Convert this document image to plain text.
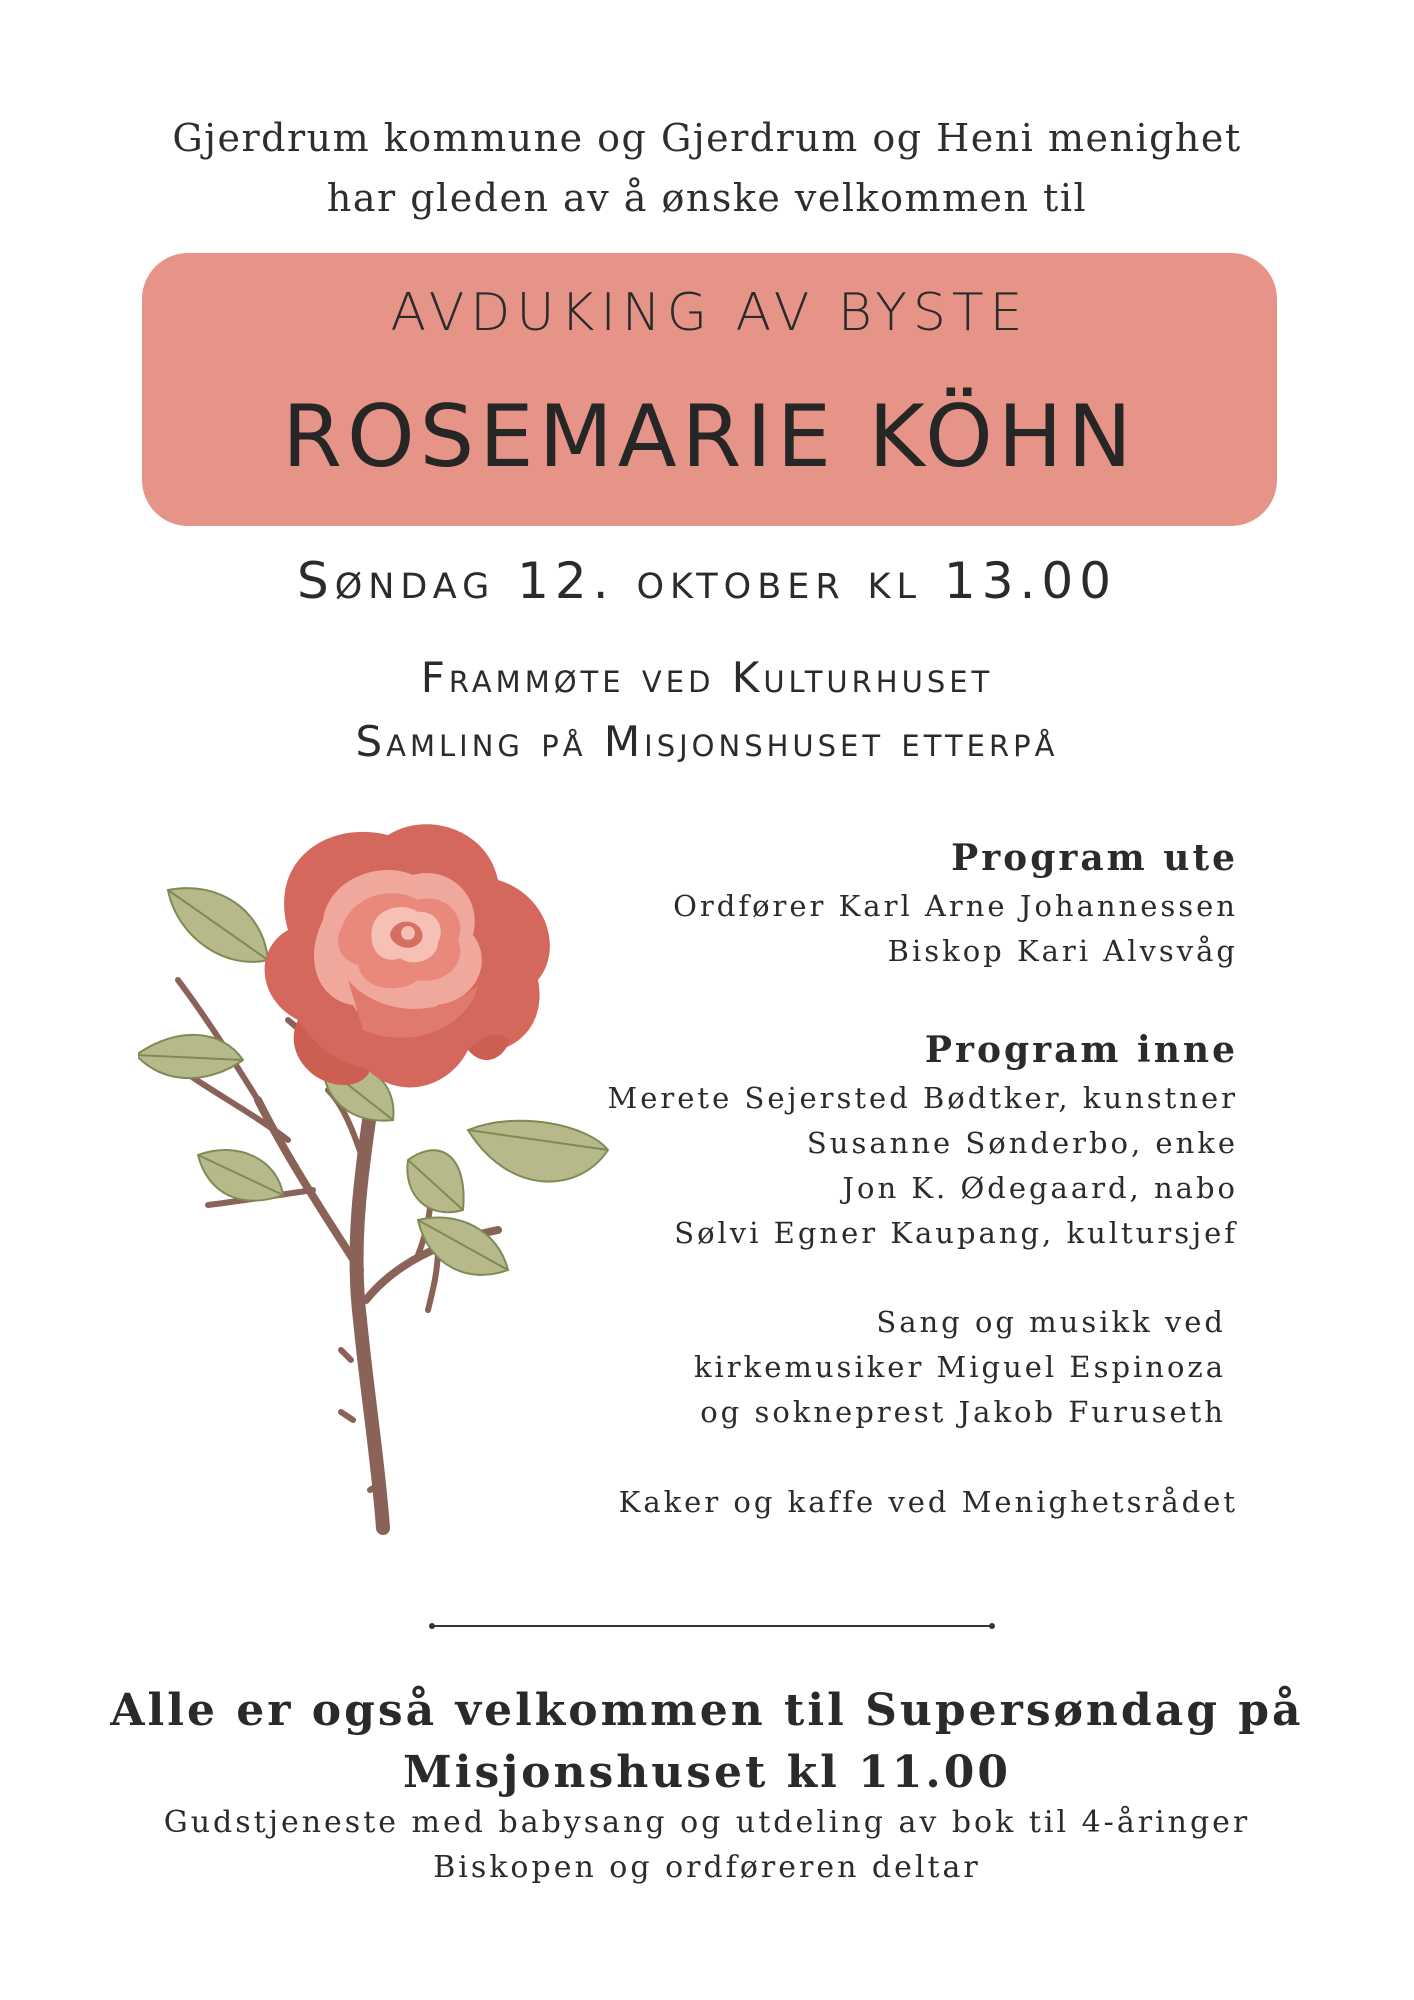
Gjerdrum kommune og Gjerdrum og Heni menighet
har gleden av å ønske velkommen til
AVDUKING AV BYSTE
ROSEMARIE KÖHN
Søndag 12. oktober kl 13.00
Frammøte ved Kulturhuset
Samling på Misjonshuset etterpå
Program ute
Ordfører Karl Arne Johannessen
Biskop Kari Alvsvåg
Program inne
Merete Sejersted Bødtker, kunstner
Susanne Sønderbo, enke
Jon K. Ødegaard, nabo
Sølvi Egner Kaupang, kultursjef
Sang og musikk ved
kirkemusiker Miguel Espinoza
og sokneprest Jakob Furuseth
Kaker og kaffe ved Menighetsrådet
Alle er også velkommen til Supersøndag på
Misjonshuset kl 11.00
Gudstjeneste med babysang og utdeling av bok til 4-åringer
Biskopen og ordføreren deltar
